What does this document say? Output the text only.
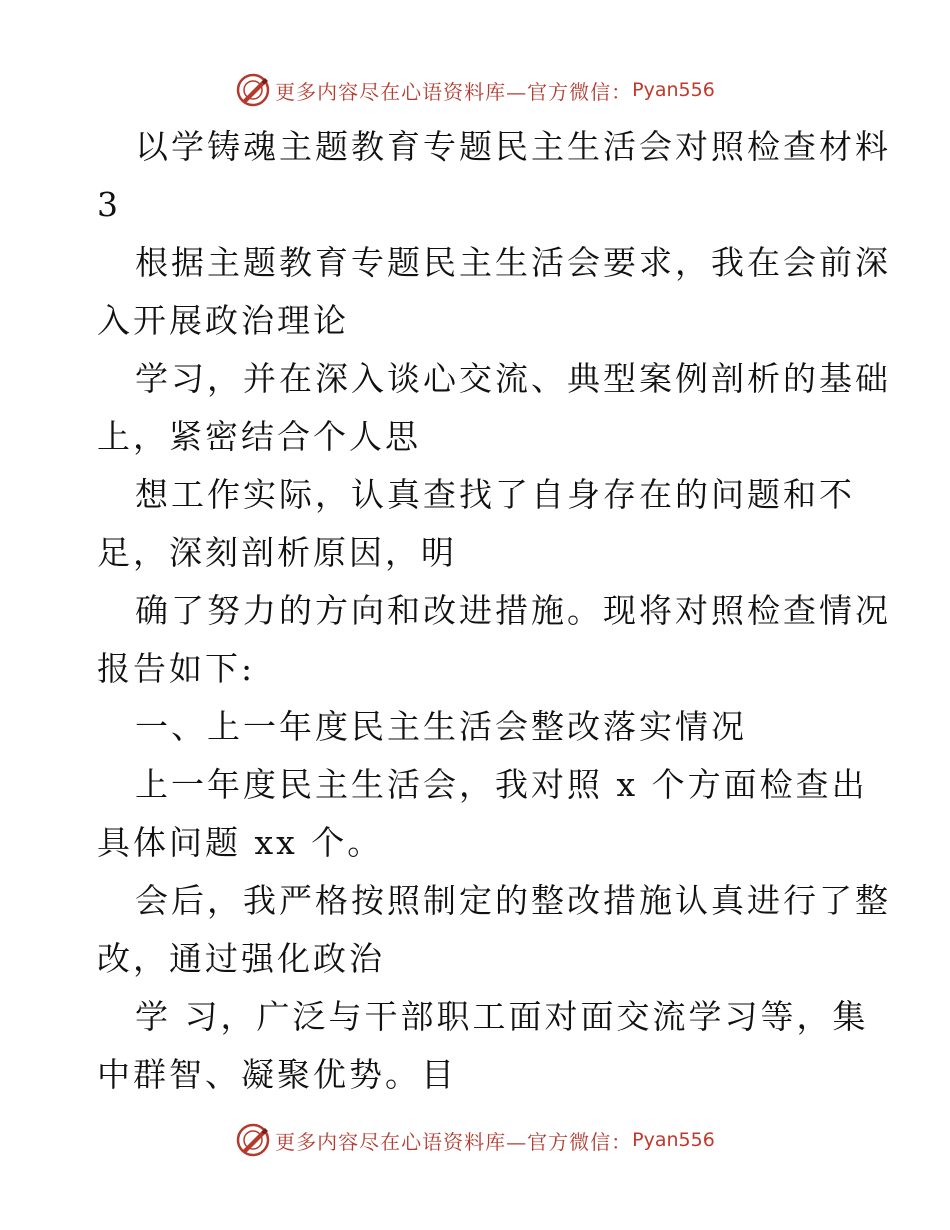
更多内容尽在心语资料库—官方微信： Pyan556
以学铸魂主题教育专题民主生活会对照检查材料
3
根据主题教育专题民主生活会要求，我在会前深
入开展政治理论
学习，并在深入谈心交流、典型案例剖析的基础
上，紧密结合个人思
想工作实际，认真查找了自身存在的问题和不
足，深刻剖析原因，明
确了努力的方向和改进措施。现将对照检查情况
报告如下:
一、上一年度民主生活会整改落实情况
上一年度民主生活会，我对照 x 个方面检查出
具体问题 xx 个。
会后，我严格按照制定的整改措施认真进行了整
改，通过强化政治
学 习，广泛与干部职工面对面交流学习等，集
中群智、凝聚优势。目
更多内容尽在心语资料库—官方微信： Pyan556
